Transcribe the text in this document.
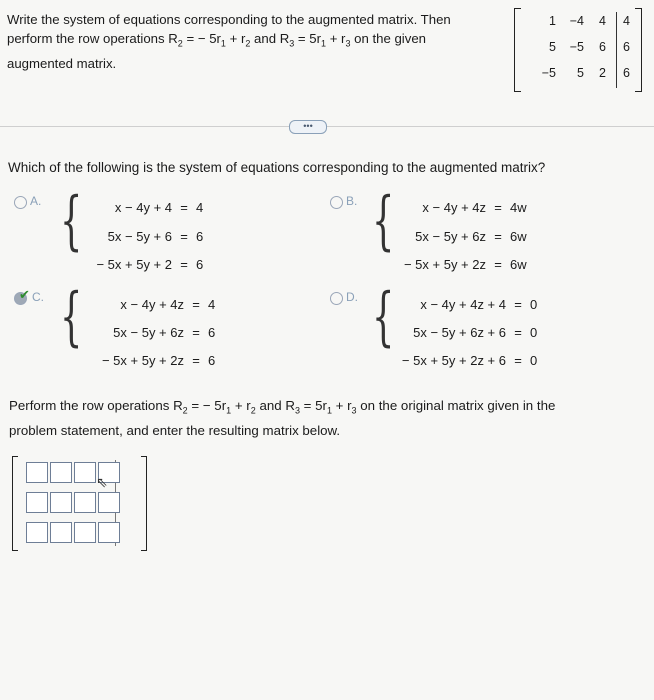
Write the system of equations corresponding to the augmented matrix. Then
perform the row operations $R_2$ = − $5r_1 + r_2$ and $R_3 = 5r_1 + r_3$ on the given
augmented matrix.
1 −4	4	4
5 −5	6	6
−5	5	2	6
•••
Which of the following is the system of equations corresponding to the augmented matrix?
A. {	x − 4y + 4 = 4
5x − 5y + 6 = 6
− 5x + 5y + 2 = 6
B. {	x − 4y + 4z = 4w
5x − 5y + 6z = 6w
− 5x + 5y + 2z = 6w
✔ C. {	x − 4y + 4z = 4
5x − 5y + 6z = 6
− 5x + 5y + 2z = 6
D. {	x − 4y + 4z + 4 = 0
5x − 5y + 6z + 6 = 0
− 5x + 5y + 2z + 6 = 0
Perform the row operations $R_2$ = − $5r_1 + r_2$ and $R_3 = 5r_1 + r_3$ on the original matrix given in the
problem statement, and enter the resulting matrix below.
⇖
